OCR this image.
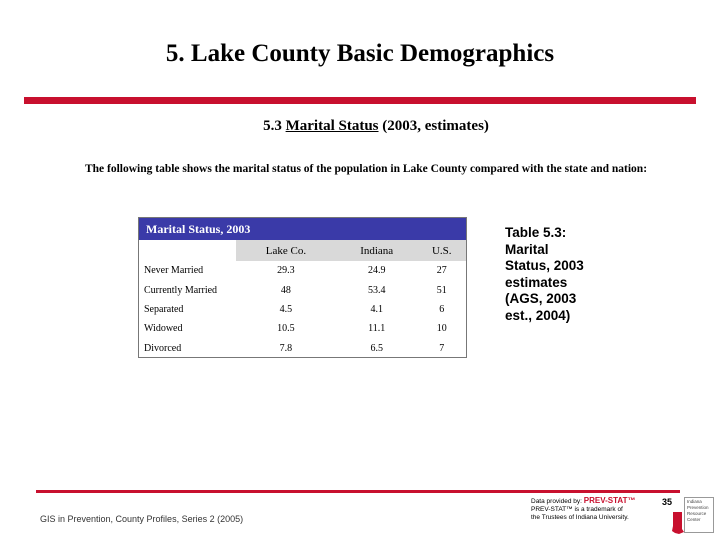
5. Lake County Basic Demographics
5.3 Marital Status (2003, estimates)
The following table shows the marital status of the population in Lake County compared with the state and nation:
Marital Status, 2003
	Lake Co.	Indiana	U.S.
Never Married	29.3	24.9	27
Currently Married	48	53.4	51
Separated	4.5	4.1	6
Widowed	10.5	11.1	10
Divorced	7.8	6.5	7
Table 5.3: Marital Status, 2003 estimates (AGS, 2003 est., 2004)
GIS in Prevention, County Profiles, Series 2 (2005)
Data provided by: PREV-STAT™
PREV-STAT™ is a trademark of
the Trustees of Indiana University.
35	Indiana
Prevention
Resource
Center
